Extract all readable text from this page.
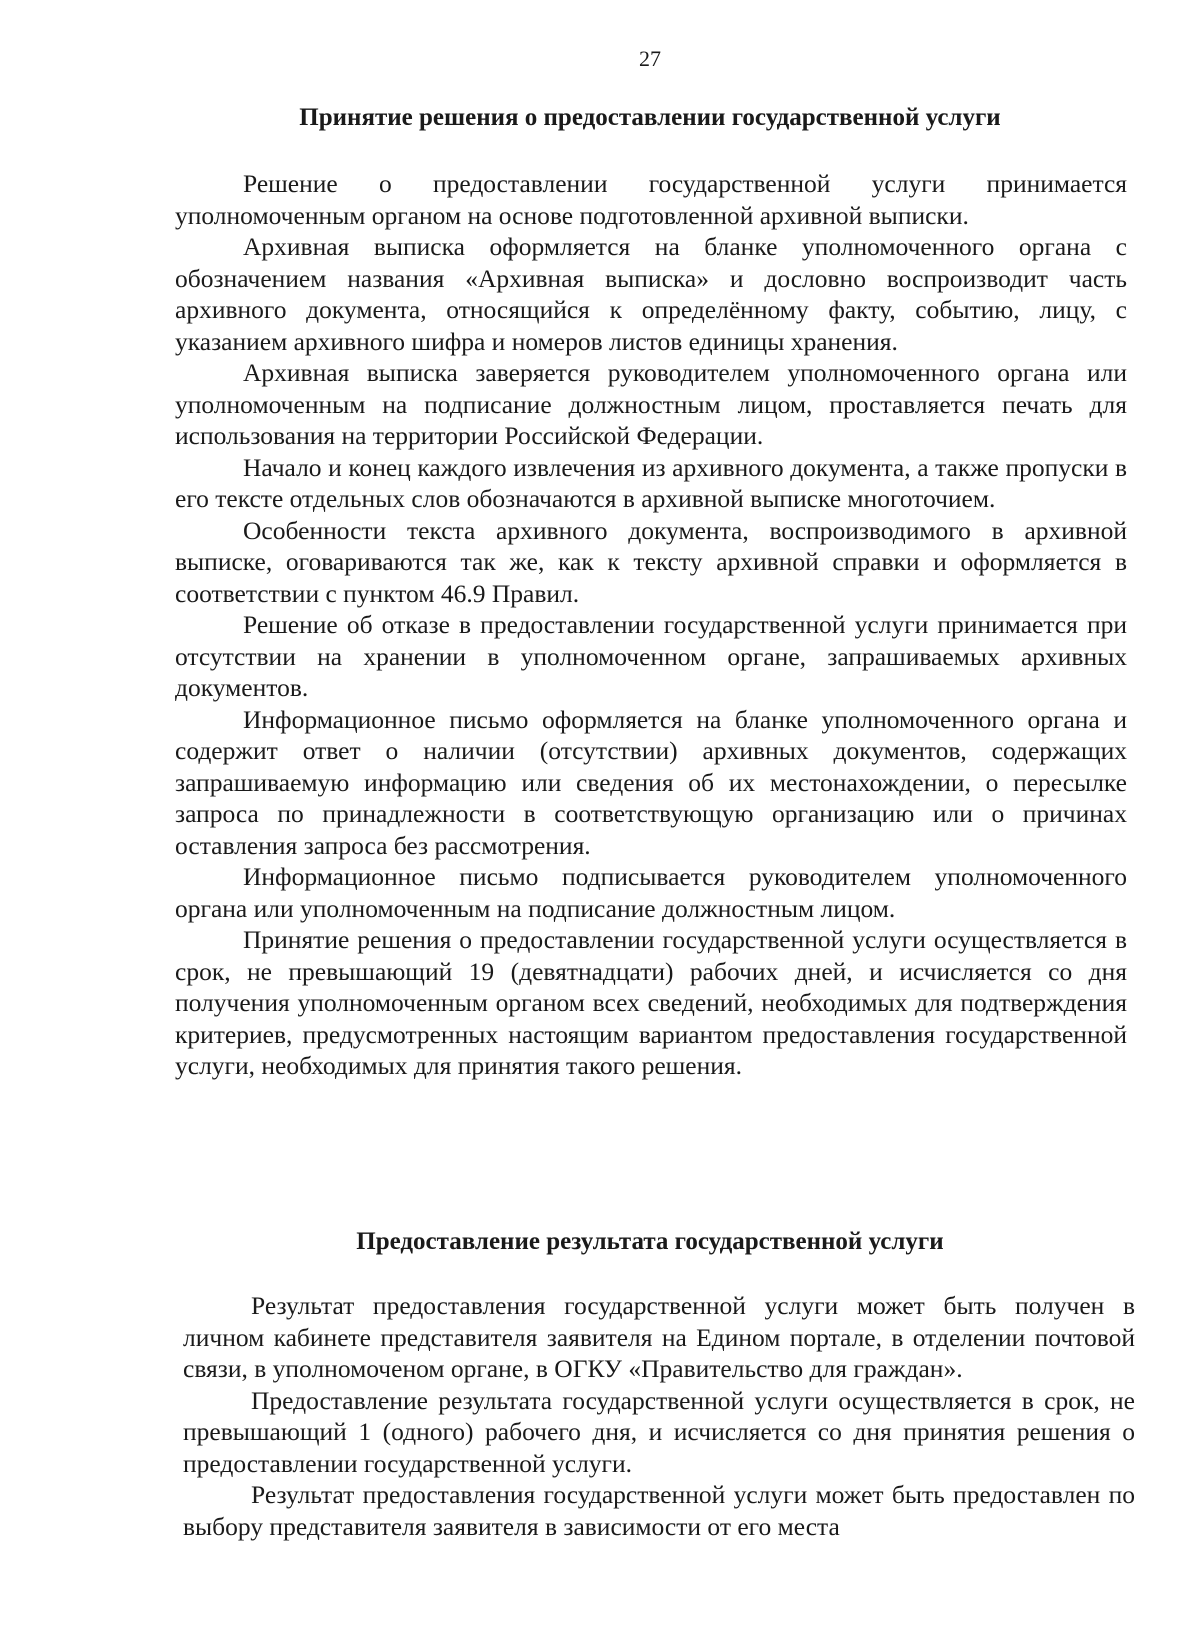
27
Принятие решения о предоставлении государственной услуги

Решение о предоставлении государственной услуги принимается уполномоченным органом на основе подготовленной архивной выписки.

Архивная выписка оформляется на бланке уполномоченного органа с обозначением названия «Архивная выписка» и дословно воспроизводит часть архивного документа, относящийся к определённому факту, событию, лицу, с указанием архивного шифра и номеров листов единицы хранения.

Архивная выписка заверяется руководителем уполномоченного органа или уполномоченным на подписание должностным лицом, проставляется печать для использования на территории Российской Федерации.

Начало и конец каждого извлечения из архивного документа, а также пропуски в его тексте отдельных слов обозначаются в архивной выписке многоточием.

Особенности текста архивного документа, воспроизводимого в архивной выписке, оговариваются так же, как к тексту архивной справки и оформляется в соответствии с пунктом 46.9 Правил.

Решение об отказе в предоставлении государственной услуги принимается при отсутствии на хранении в уполномоченном органе, запрашиваемых архивных документов.

Информационное письмо оформляется на бланке уполномоченного органа и содержит ответ о наличии (отсутствии) архивных документов, содержащих запрашиваемую информацию или сведения об их местонахождении, о пересылке запроса по принадлежности в соответствующую организацию или о причинах оставления запроса без рассмотрения.

Информационное письмо подписывается руководителем уполномоченного органа или уполномоченным на подписание должностным лицом.

Принятие решения о предоставлении государственной услуги осуществляется в срок, не превышающий 19 (девятнадцати) рабочих дней, и исчисляется со дня получения уполномоченным органом всех сведений, необходимых для подтверждения критериев, предусмотренных настоящим вариантом предоставления государственной услуги, необходимых для принятия такого решения.

Предоставление результата государственной услуги

Результат предоставления государственной услуги может быть получен в личном кабинете представителя заявителя на Едином портале, в отделении почтовой связи, в уполномоченом органе, в ОГКУ «Правительство для граждан».

Предоставление результата государственной услуги осуществляется в срок, не превышающий 1 (одного) рабочего дня, и исчисляется со дня принятия решения о предоставлении государственной услуги.

Результат предоставления государственной услуги может быть предоставлен по выбору представителя заявителя в зависимости от его места
